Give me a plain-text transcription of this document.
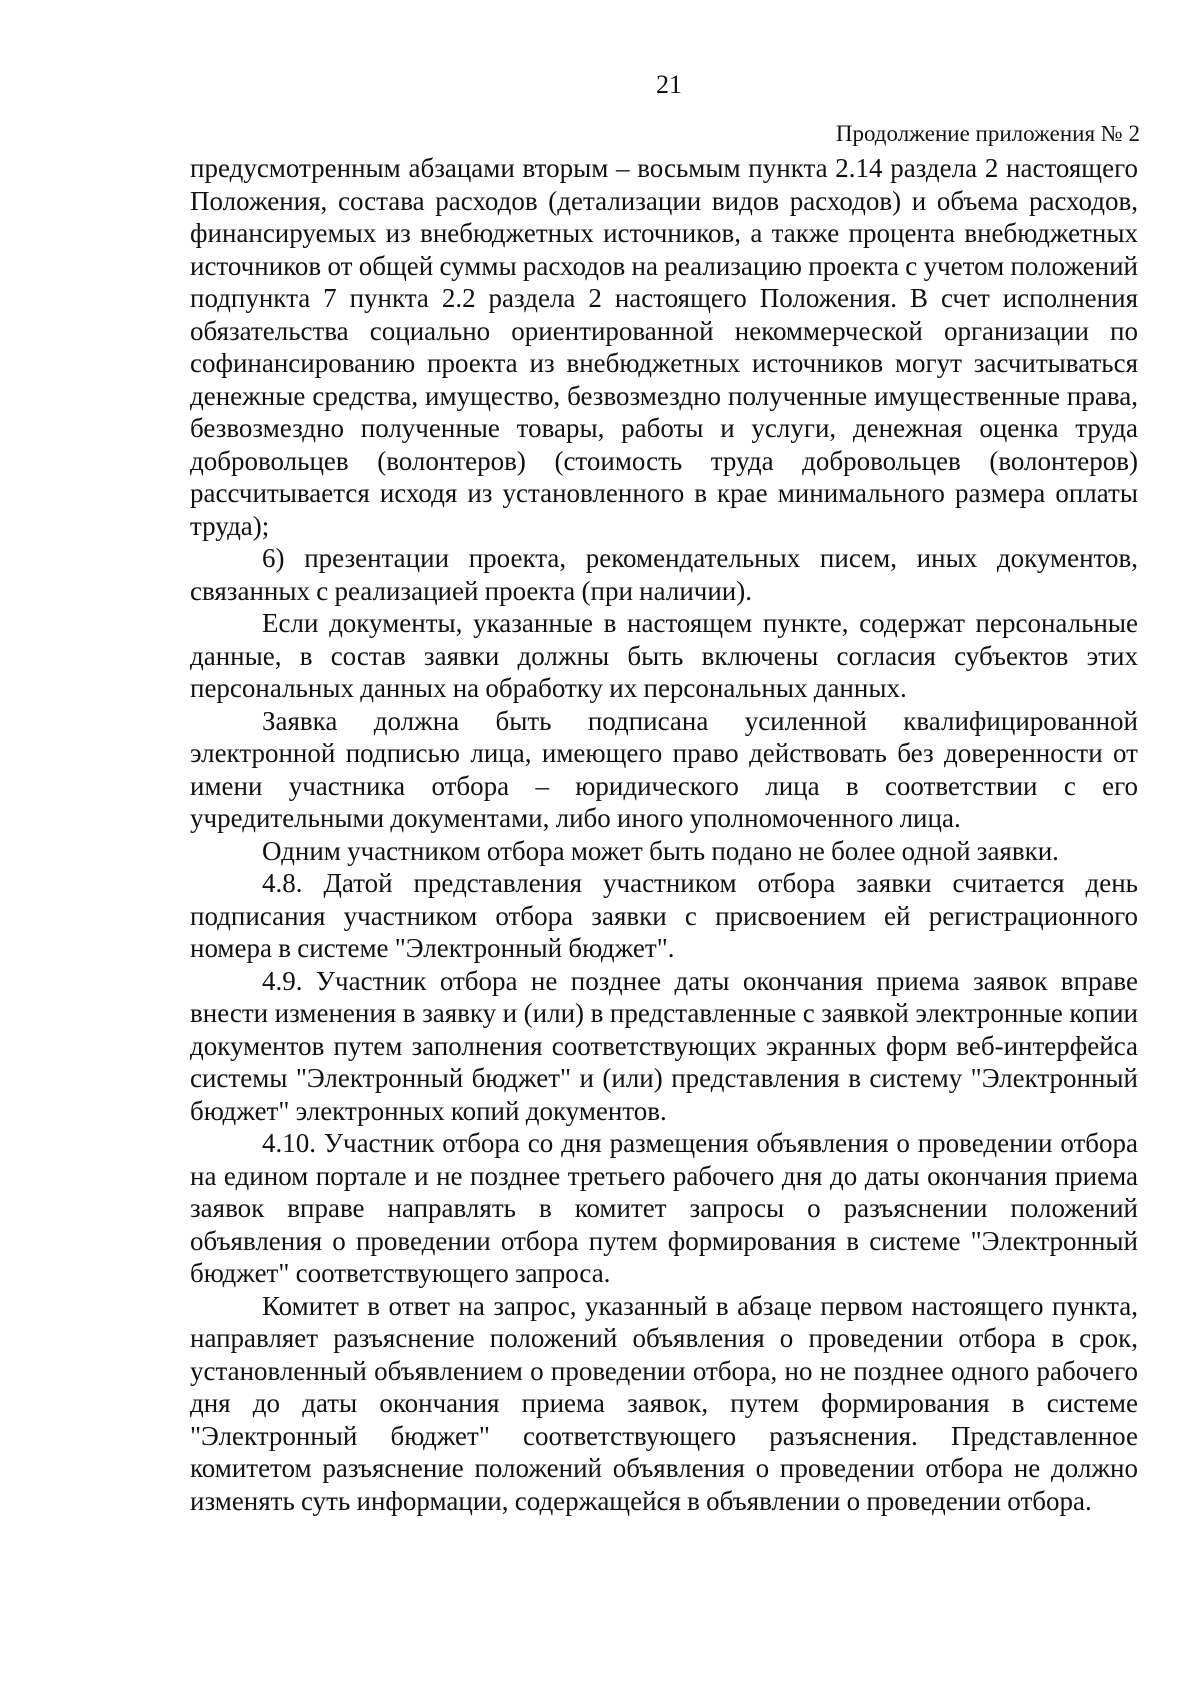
21
Продолжение приложения № 2

предусмотренным абзацами вторым – восьмым пункта 2.14 раздела 2 настоящего Положения, состава расходов (детализации видов расходов) и объема расходов, финансируемых из внебюджетных источников, а также процента внебюджетных источников от общей суммы расходов на реализацию проекта с учетом положений подпункта 7 пункта 2.2 раздела 2 настоящего Положения. В счет исполнения обязательства социально ориентированной некоммерческой организации по софинансированию проекта из внебюджетных источников могут засчитываться денежные средства, имущество, безвозмездно полученные имущественные права, безвозмездно полученные товары, работы и услуги, денежная оценка труда добровольцев (волонтеров) (стоимость труда добровольцев (волонтеров) рассчитывается исходя из установленного в крае минимального размера оплаты труда);

6) презентации проекта, рекомендательных писем, иных документов, связанных с реализацией проекта (при наличии).

Если документы, указанные в настоящем пункте, содержат персональные данные, в состав заявки должны быть включены согласия субъектов этих персональных данных на обработку их персональных данных.

Заявка должна быть подписана усиленной квалифицированной электронной подписью лица, имеющего право действовать без доверенности от имени участника отбора – юридического лица в соответствии с его учредительными документами, либо иного уполномоченного лица.

Одним участником отбора может быть подано не более одной заявки.

4.8. Датой представления участником отбора заявки считается день подписания участником отбора заявки с присвоением ей регистрационного номера в системе "Электронный бюджет".

4.9. Участник отбора не позднее даты окончания приема заявок вправе внести изменения в заявку и (или) в представленные с заявкой электронные копии документов путем заполнения соответствующих экранных форм веб-интерфейса системы "Электронный бюджет" и (или) представления в систему "Электронный бюджет" электронных копий документов.

4.10. Участник отбора со дня размещения объявления о проведении отбора на едином портале и не позднее третьего рабочего дня до даты окончания приема заявок вправе направлять в комитет запросы о разъяснении положений объявления о проведении отбора путем формирования в системе "Электронный бюджет" соответствующего запроса.

Комитет в ответ на запрос, указанный в абзаце первом настоящего пункта, направляет разъяснение положений объявления о проведении отбора в срок, установленный объявлением о проведении отбора, но не позднее одного рабочего дня до даты окончания приема заявок, путем формирования в системе "Электронный бюджет" соответствующего разъяснения. Представленное комитетом разъяснение положений объявления о проведении отбора не должно изменять суть информации, содержащейся в объявлении о проведении отбора.
